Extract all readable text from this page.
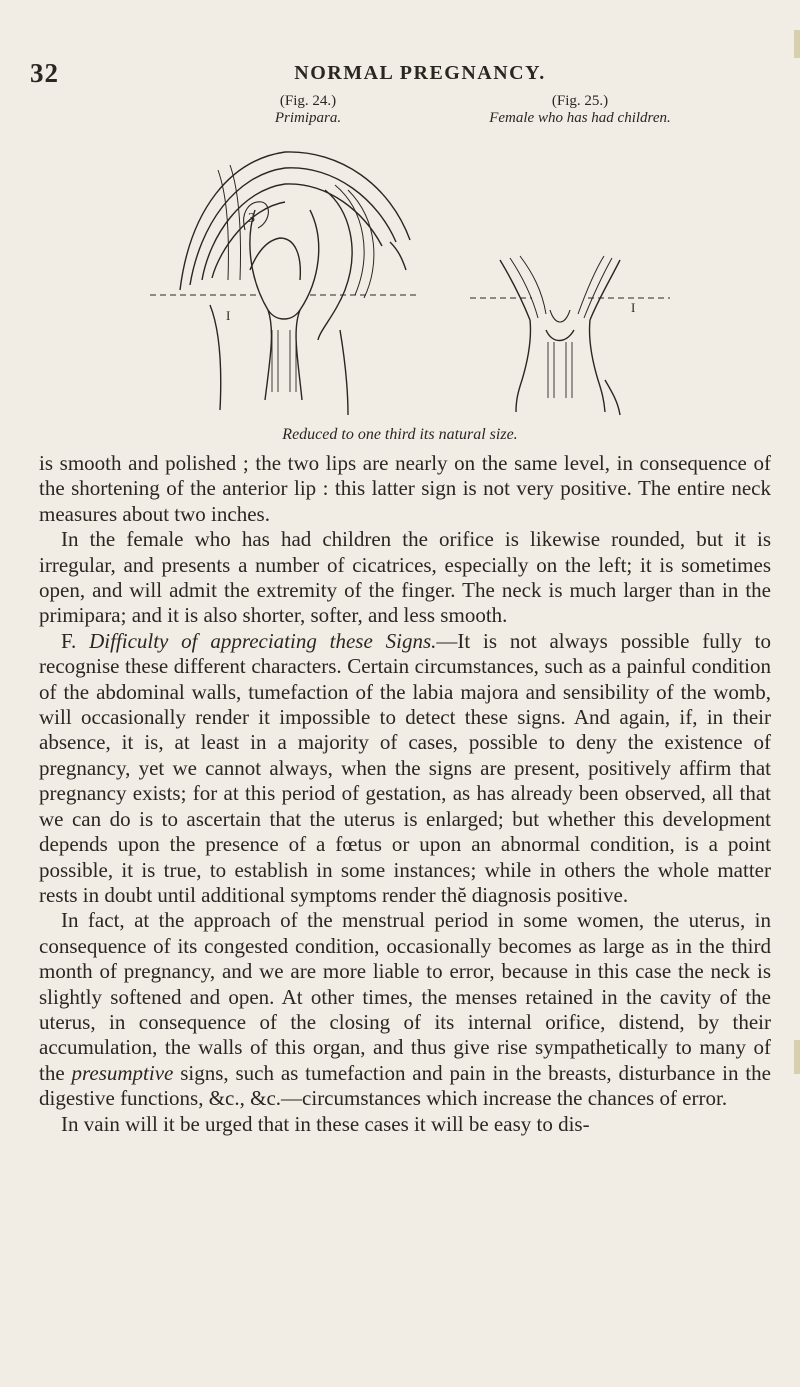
32	NORMAL PREGNANCY.
(Fig. 24.)
Primipara.
(Fig. 25.)
Female who has had children.
I
I
3
Reduced to one third its natural size.

is smooth and polished ; the two lips are nearly on the same level, in consequence of the shortening of the anterior lip : this latter sign is not very positive. The entire neck measures about two inches.

In the female who has had children the orifice is likewise rounded, but it is irregular, and presents a number of cicatrices, especially on the left; it is sometimes open, and will admit the extremity of the finger. The neck is much larger than in the primipara; and it is also shorter, softer, and less smooth.

F. Difficulty of appreciating these Signs.—It is not always possible fully to recognise these different characters. Certain circumstances, such as a painful condition of the abdominal walls, tumefaction of the labia majora and sensibility of the womb, will occasionally render it impossible to detect these signs. And again, if, in their absence, it is, at least in a majority of cases, possible to deny the existence of pregnancy, yet we cannot always, when the signs are present, positively affirm that pregnancy exists; for at this period of gestation, as has already been observed, all that we can do is to ascertain that the uterus is enlarged; but whether this development depends upon the presence of a fœtus or upon an abnormal condition, is a point possible, it is true, to establish in some instances; while in others the whole matter rests in doubt until additional symptoms render thĕ diagnosis positive.

In fact, at the approach of the menstrual period in some women, the uterus, in consequence of its congested condition, occasionally becomes as large as in the third month of pregnancy, and we are more liable to error, because in this case the neck is slightly softened and open. At other times, the menses retained in the cavity of the uterus, in consequence of the closing of its internal orifice, distend, by their accumulation, the walls of this organ, and thus give rise sympathetically to many of the presumptive signs, such as tumefaction and pain in the breasts, disturbance in the digestive functions, &c., &c.—circumstances which increase the chances of error.

In vain will it be urged that in these cases it will be easy to dis-
